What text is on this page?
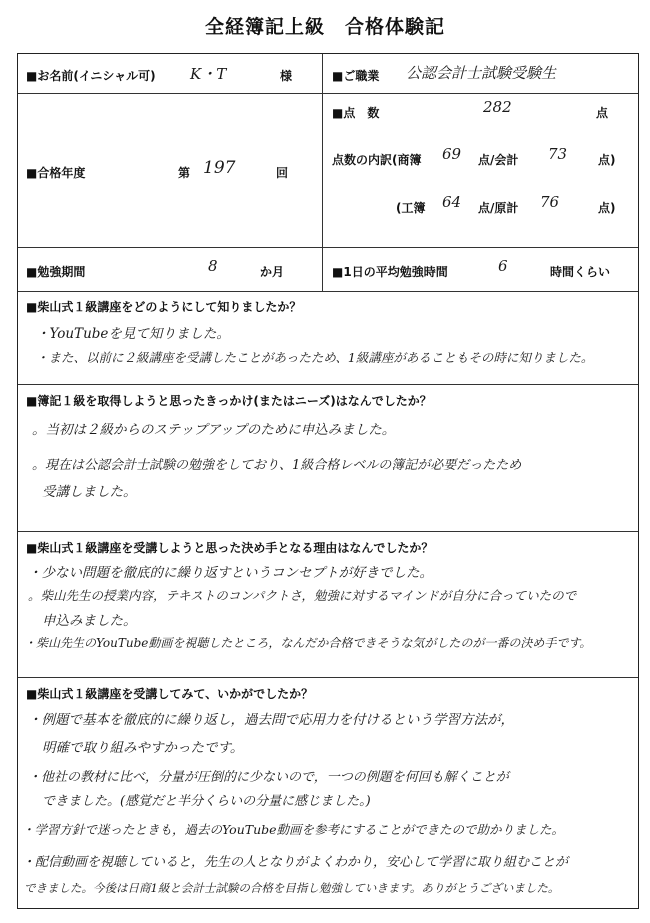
全経簿記上級　合格体験記
■お名前(イニシャル可) K・T	様	■ご職業 公認会計士試験受験生
■合格年度	第 197	回
■点　数	282	点
点数の内訳(商簿 69 点/会計 73	点)
(工簿 64 点/原計 76	点)
■勉強期間	8	か月	■1日の平均勉強時間	6	時間くらい
■柴山式１級講座をどのようにして知りましたか？
・YouTubeを見て知りました。
・また、以前に２級講座を受講したことがあったため、1級講座があることもその時に知りました。
■簿記１級を取得しようと思ったきっかけ(またはニーズ)はなんでしたか？
。当初は２級からのステップアップのために申込みました。
。現在は公認会計士試験の勉強をしており、1級合格レベルの簿記が必要だったため
受講しました。
■柴山式１級講座を受講しようと思った決め手となる理由はなんでしたか？
・少ない問題を徹底的に繰り返すというコンセプトが好きでした。
。柴山先生の授業内容，テキストのコンパクトさ，勉強に対するマインドが自分に合っていたので
申込みました。
・柴山先生のYouTube動画を視聴したところ，なんだか合格できそうな気がしたのが一番の決め手です。
■柴山式１級講座を受講してみて、いかがでしたか？
・例題で基本を徹底的に繰り返し，過去問で応用力を付けるという学習方法が，
明確で取り組みやすかったです。
・他社の教材に比べ，分量が圧倒的に少ないので，一つの例題を何回も解くことが
できました。(感覚だと半分くらいの分量に感じました。)
・学習方針で迷ったときも，過去のYouTube動画を参考にすることができたので助かりました。
・配信動画を視聴していると，先生の人となりがよくわかり，安心して学習に取り組むことが
できました。今後は日商1級と会計士試験の合格を目指し勉強していきます。ありがとうございました。
